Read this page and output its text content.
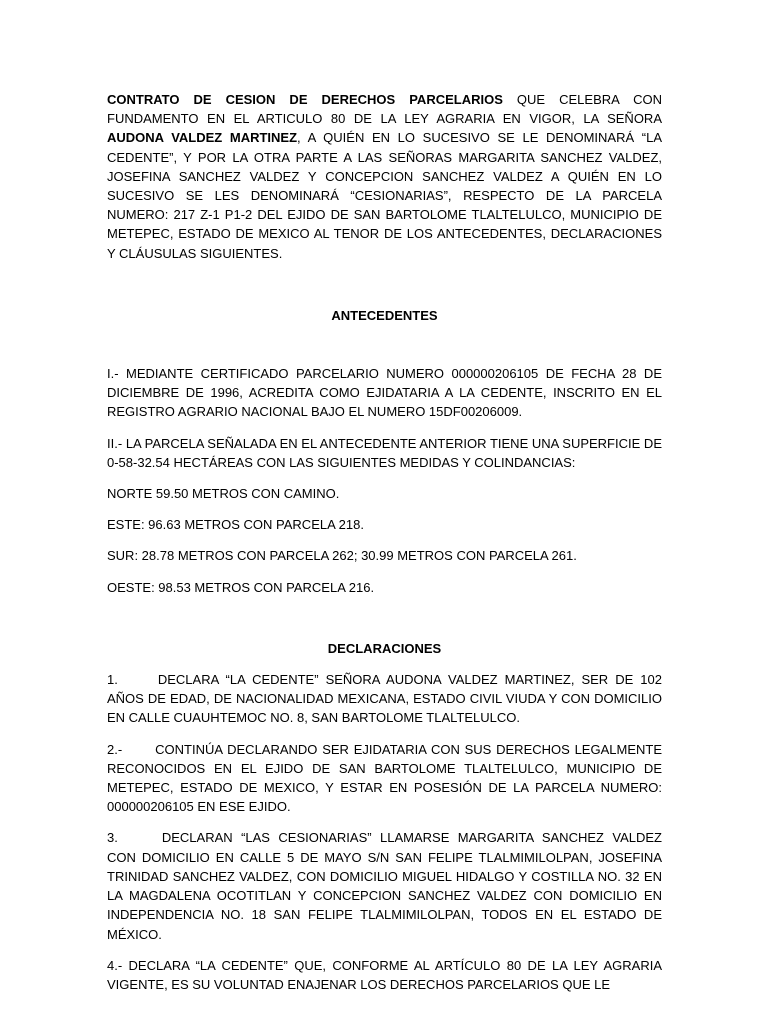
CONTRATO DE CESION DE DERECHOS PARCELARIOS QUE CELEBRA CON FUNDAMENTO EN EL ARTICULO 80 DE LA LEY AGRARIA EN VIGOR, LA SEÑORA AUDONA VALDEZ MARTINEZ, A QUIÉN EN LO SUCESIVO SE LE DENOMINARÁ “LA CEDENTE”, Y POR LA OTRA PARTE A LAS SEÑORAS MARGARITA SANCHEZ VALDEZ, JOSEFINA SANCHEZ VALDEZ Y CONCEPCION SANCHEZ VALDEZ A QUIÉN EN LO SUCESIVO SE LES DENOMINARÁ “CESIONARIAS”, RESPECTO DE LA PARCELA NUMERO: 217 Z-1 P1-2 DEL EJIDO DE SAN BARTOLOME TLALTELULCO, MUNICIPIO DE METEPEC, ESTADO DE MEXICO AL TENOR DE LOS ANTECEDENTES, DECLARACIONES Y CLÁUSULAS SIGUIENTES.

ANTECEDENTES

I.- MEDIANTE CERTIFICADO PARCELARIO NUMERO 000000206105 DE FECHA 28 DE DICIEMBRE DE 1996, ACREDITA COMO EJIDATARIA A LA CEDENTE, INSCRITO EN EL REGISTRO AGRARIO NACIONAL BAJO EL NUMERO 15DF00206009.

II.- LA PARCELA SEÑALADA EN EL ANTECEDENTE ANTERIOR TIENE UNA SUPERFICIE DE 0-58-32.54 HECTÁREAS CON LAS SIGUIENTES MEDIDAS Y COLINDANCIAS:

NORTE 59.50 METROS CON CAMINO.

ESTE: 96.63 METROS CON PARCELA 218.

SUR: 28.78 METROS CON PARCELA 262; 30.99 METROS CON PARCELA 261.

OESTE: 98.53 METROS CON PARCELA 216.

DECLARACIONES

1.	DECLARA “LA CEDENTE” SEÑORA AUDONA VALDEZ MARTINEZ, SER DE 102 AÑOS DE EDAD, DE NACIONALIDAD MEXICANA, ESTADO CIVIL VIUDA Y CON DOMICILIO EN CALLE CUAUHTEMOC NO. 8, SAN BARTOLOME TLALTELULCO.

2.-	CONTINÚA DECLARANDO SER EJIDATARIA CON SUS DERECHOS LEGALMENTE RECONOCIDOS EN EL EJIDO DE SAN BARTOLOME TLALTELULCO, MUNICIPIO DE METEPEC, ESTADO DE MEXICO, Y ESTAR EN POSESIÓN DE LA PARCELA NUMERO: 000000206105 EN ESE EJIDO.

3.	DECLARAN “LAS CESIONARIAS” LLAMARSE MARGARITA SANCHEZ VALDEZ CON DOMICILIO EN CALLE 5 DE MAYO S/N SAN FELIPE TLALMIMILOLPAN, JOSEFINA TRINIDAD SANCHEZ VALDEZ, CON DOMICILIO MIGUEL HIDALGO Y COSTILLA NO. 32 EN LA MAGDALENA OCOTITLAN Y CONCEPCION SANCHEZ VALDEZ CON DOMICILIO EN INDEPENDENCIA NO. 18 SAN FELIPE TLALMIMILOLPAN, TODOS EN EL ESTADO DE MÉXICO.

4.- DECLARA “LA CEDENTE” QUE, CONFORME AL ARTÍCULO 80 DE LA LEY AGRARIA VIGENTE, ES SU VOLUNTAD ENAJENAR LOS DERECHOS PARCELARIOS QUE LE
